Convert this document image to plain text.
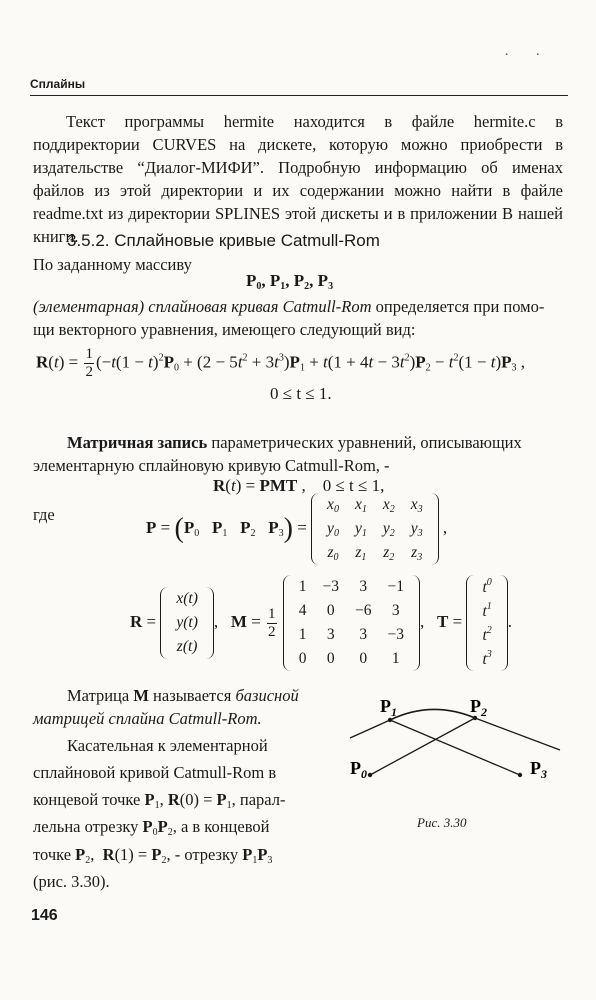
. .
Сплайны

Текст программы hermite находится в файле hermite.c в поддиректории CURVES на дискете, которую можно приобрести в издательстве “Диалог-МИФИ”. Подробную информацию об именах файлов из этой директории и их содержании можно найти в файле readme.txt из директории SPLINES этой дискеты и в приложении В нашей книги.

3.5.2. Сплайновые кривые Catmull-Rom
По заданному массиву
$P_0$, $P_1$, $P_2$, $P_3$
(элементарная) сплайновая кривая Catmull-Rom определяется при помо-
щи векторного уравнения, имеющего следующий вид:
$R(t) = \frac{1}{2} (-t(1 - t)^2P_0 + (2 - 5t^2 + 3t^3)P_1 + t(1 + 4t - 3t^2)P_2 - t^2(1 - t)P_3$ ,
0 ≤ t ≤ 1.
Матричная запись параметрических уравнений, описывающих
элементарную сплайновую кривую Catmull-Rom, -
R(t) = PMT ,    0 ≤ t ≤ 1,
где
$P = (P_0$ $P_1$ $P_2$ $P_3$) =
$x_0$	$x_1$	$x_2$	$x_3$
$y_0$	$y_1$	$y_2$	$y_3$
$z_0$	$z_1$	$z_2$	$z_3$
,
R =
x(t)
y(t)
z(t)
,   $M = \frac{1}{2}$

1	−3	3	−1
4	0	−6	3
1	3	3	−3
0	0	0	1
,   T =
$t^0$
$t^1$
$t^2$
$t^3$
.
Матрица М называется базисной
матрицей сплайна Catmull-Rom.
Касательная к элементарной
сплайновой кривой Catmull-Rom в
концевой точке $P_1$, $R(0) = P_1$, парал-
лельна отрезку $P_0P_2$, а в концевой
точке $P_2$,  $R(1) = P_2$, - отрезку $P_1P_3$
(рис. 3.30).
$P_0$
$P_1$	$P_2$
$P_3$
Рис. 3.30
146
